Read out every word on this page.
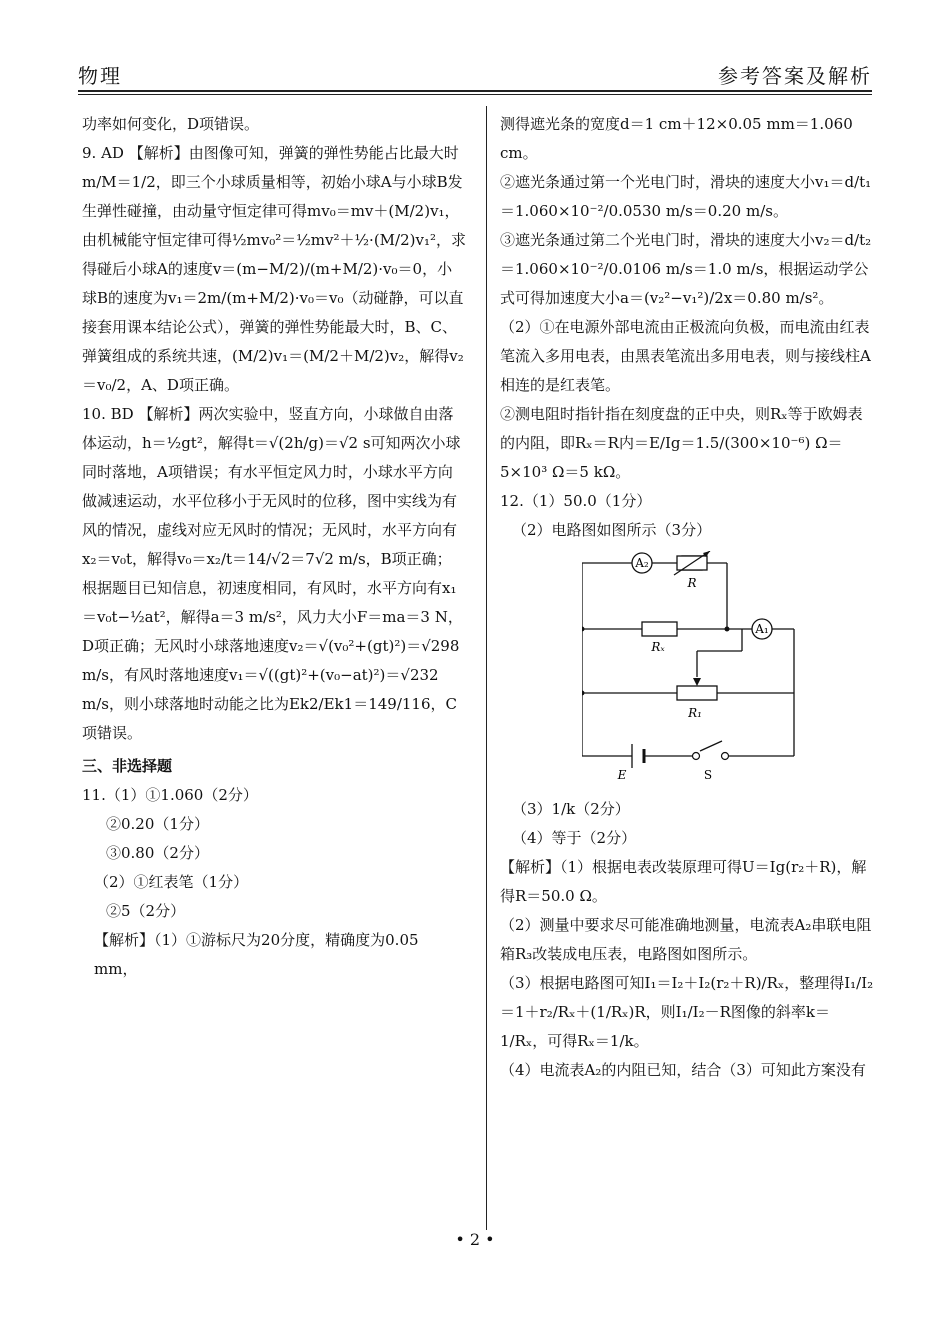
物理	参考答案及解析

功率如何变化，D项错误。

9. AD 【解析】由图像可知，弹簧的弹性势能占比最大时m/M＝1/2，即三个小球质量相等，初始小球A与小球B发生弹性碰撞，由动量守恒定律可得mv₀＝mv＋(M/2)v₁，由机械能守恒定律可得½mv₀²＝½mv²＋½·(M/2)v₁²，求得碰后小球A的速度v＝(m−M/2)/(m+M/2)·v₀＝0，小球B的速度为v₁＝2m/(m+M/2)·v₀＝v₀（动碰静，可以直接套用课本结论公式），弹簧的弹性势能最大时，B、C、弹簧组成的系统共速，(M/2)v₁＝(M/2＋M/2)v₂，解得v₂＝v₀/2，A、D项正确。

10. BD 【解析】两次实验中，竖直方向，小球做自由落体运动，h＝½gt²，解得t＝√(2h/g)＝√2 s可知两次小球同时落地，A项错误；有水平恒定风力时，小球水平方向做减速运动，水平位移小于无风时的位移，图中实线为有风的情况，虚线对应无风时的情况；无风时，水平方向有x₂＝v₀t，解得v₀＝x₂/t＝14/√2＝7√2 m/s，B项正确；根据题目已知信息，初速度相同，有风时，水平方向有x₁＝v₀t−½at²，解得a＝3 m/s²，风力大小F＝ma＝3 N，D项正确；无风时小球落地速度v₂＝√(v₀²+(gt)²)＝√298 m/s，有风时落地速度v₁＝√((gt)²+(v₀−at)²)＝√232 m/s，则小球落地时动能之比为Ek2/Ek1＝149/116，C项错误。

三、非选择题

11.（1）①1.060（2分）

②0.20（1分）

③0.80（2分）

（2）①红表笔（1分）

②5（2分）

【解析】（1）①游标尺为20分度，精确度为0.05 mm，

测得遮光条的宽度d＝1 cm＋12×0.05 mm＝1.060 cm。

②遮光条通过第一个光电门时，滑块的速度大小v₁＝d/t₁＝1.060×10⁻²/0.0530 m/s＝0.20 m/s。

③遮光条通过第二个光电门时，滑块的速度大小v₂＝d/t₂＝1.060×10⁻²/0.0106 m/s＝1.0 m/s，根据运动学公式可得加速度大小a＝(v₂²−v₁²)/2x＝0.80 m/s²。

（2）①在电源外部电流由正极流向负极，而电流由红表笔流入多用电表，由黑表笔流出多用电表，则与接线柱A相连的是红表笔。

②测电阻时指针指在刻度盘的正中央，则Rₓ等于欧姆表的内阻，即Rₓ＝R内＝E/Ig＝1.5/(300×10⁻⁶) Ω＝5×10³ Ω＝5 kΩ。

12.（1）50.0（1分）

（2）电路图如图所示（3分）

A₂
R
Rₓ
A₁
R₁
E	S

（3）1/k（2分）

（4）等于（2分）

【解析】（1）根据电表改装原理可得U＝Ig(r₂＋R)，解得R＝50.0 Ω。

（2）测量中要求尽可能准确地测量，电流表A₂串联电阻箱R₃改装成电压表，电路图如图所示。

（3）根据电路图可知I₁＝I₂＋I₂(r₂＋R)/Rₓ，整理得I₁/I₂＝1＋r₂/Rₓ＋(1/Rₓ)R，则I₁/I₂－R图像的斜率k＝1/Rₓ，可得Rₓ＝1/k。

（4）电流表A₂的内阻已知，结合（3）可知此方案没有

• 2 •
